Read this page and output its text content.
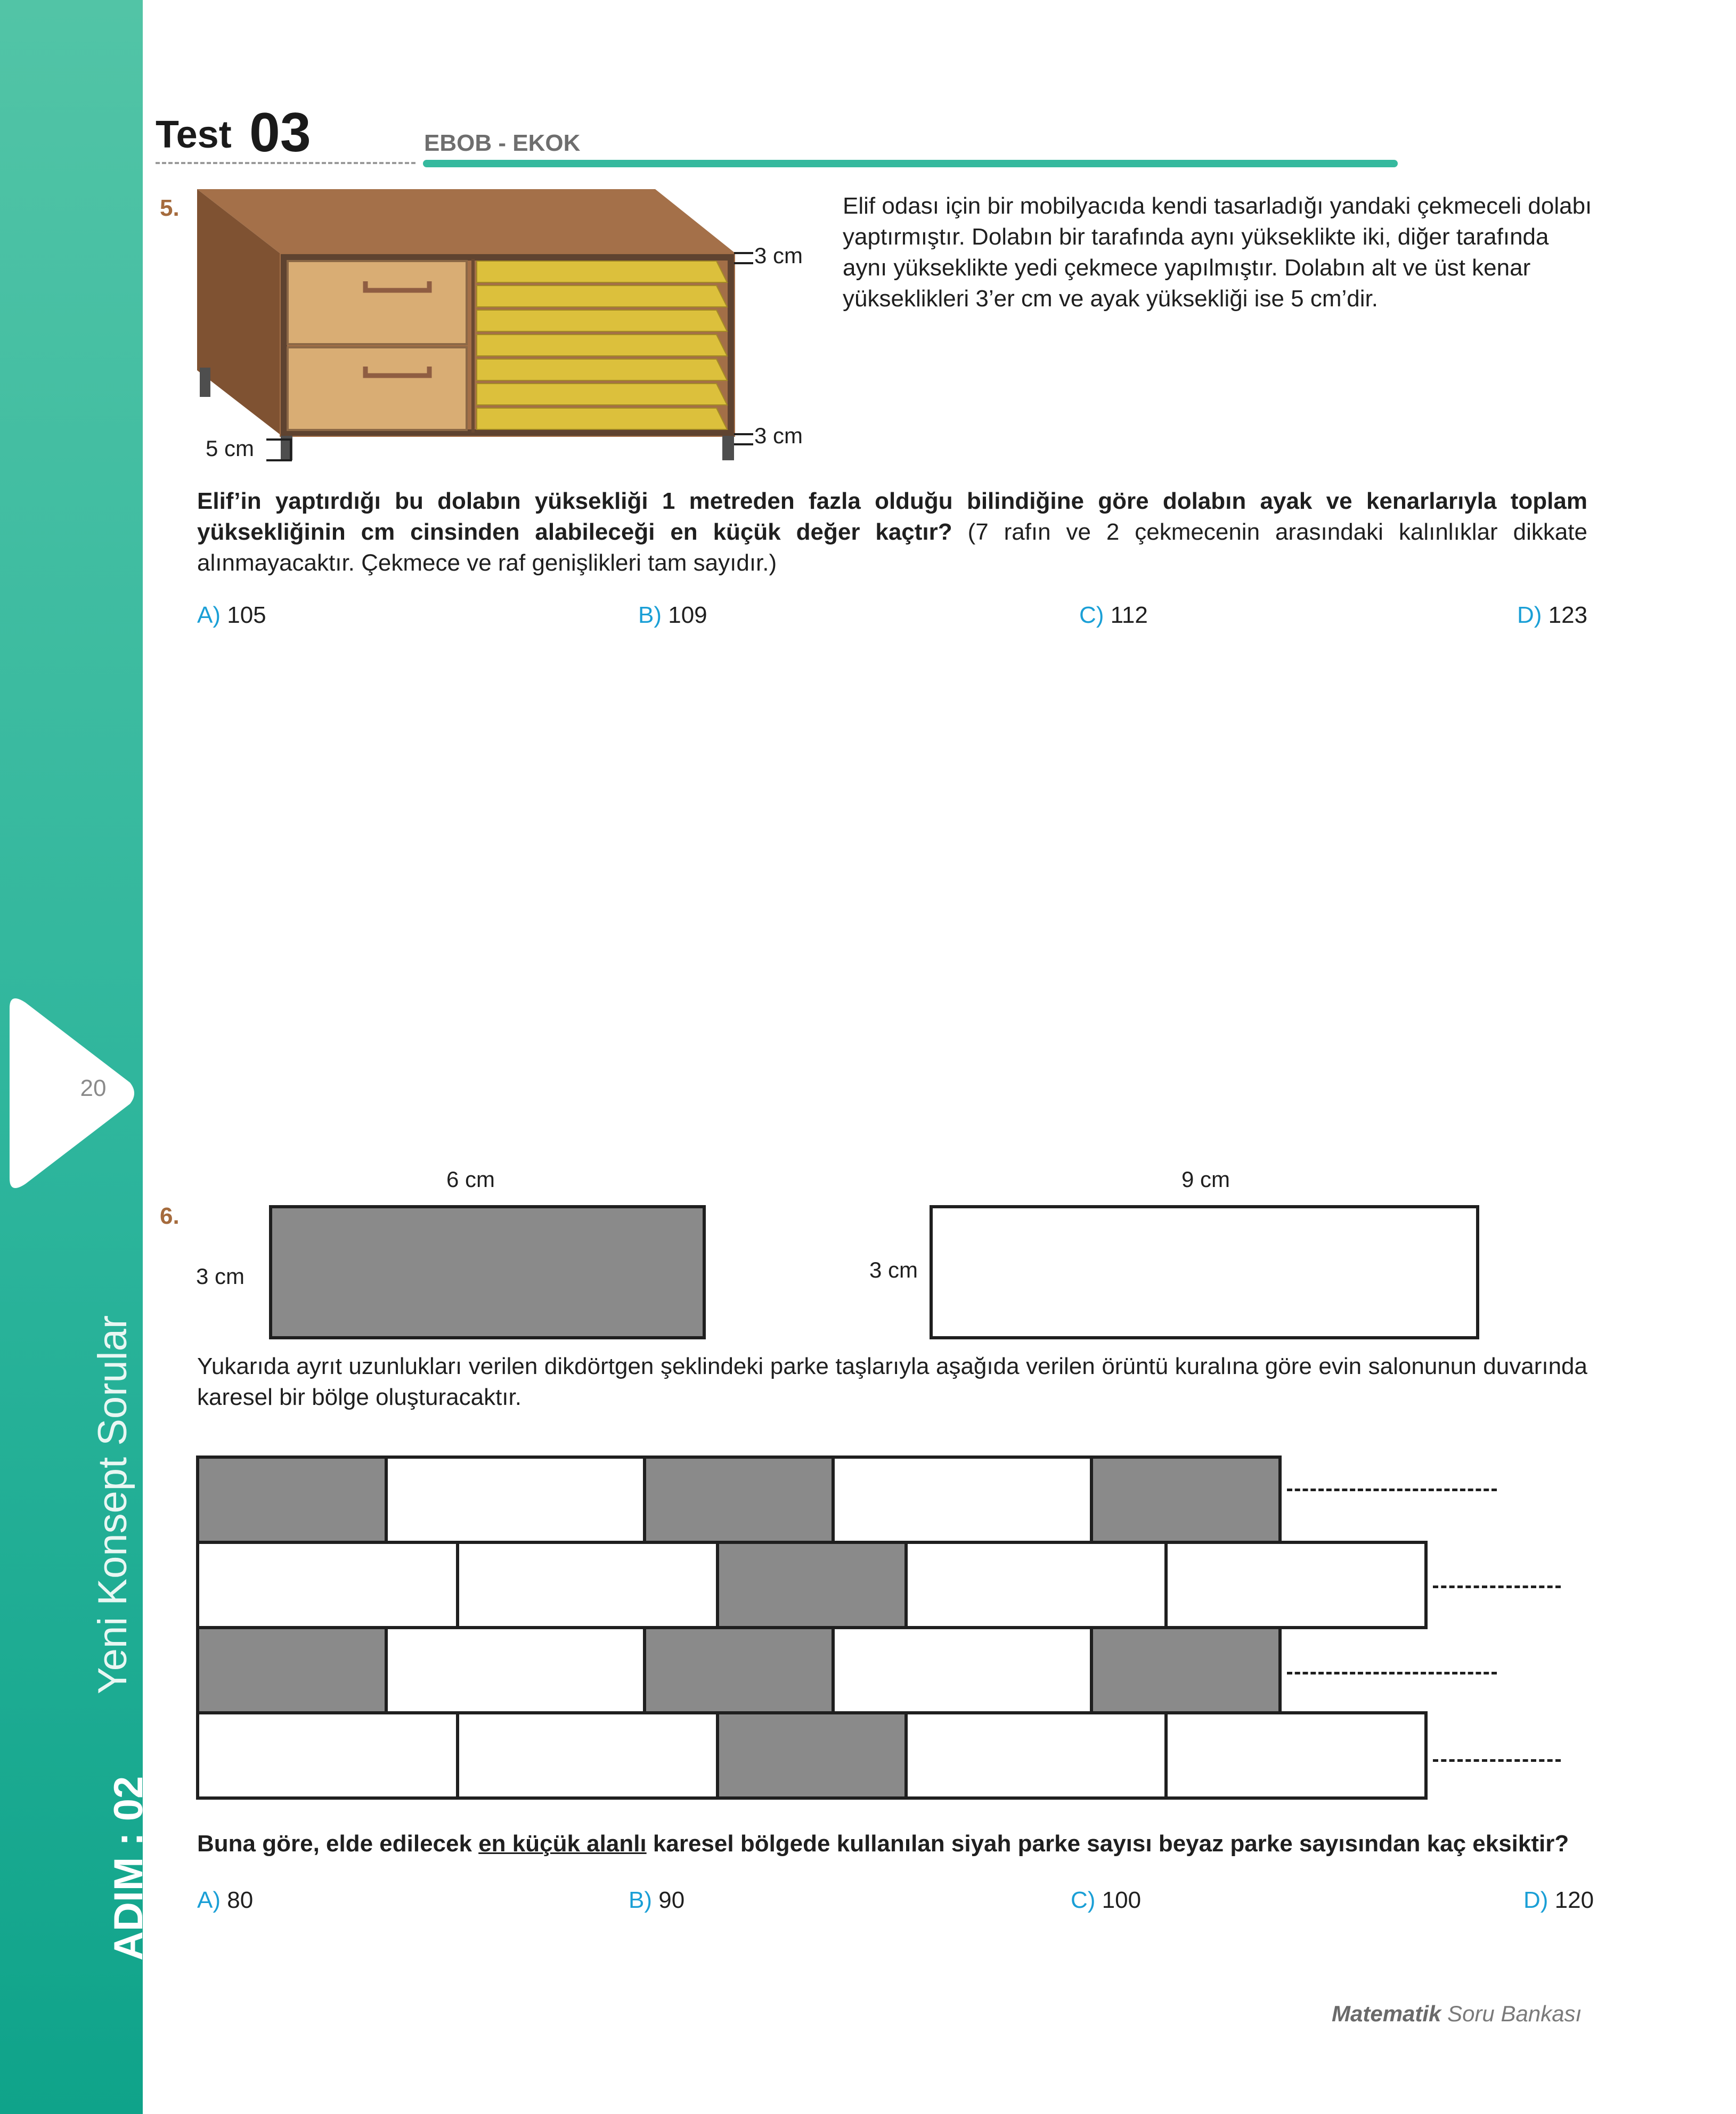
20
Yeni Konsept Sorular
ADIM : 02
Test 03	EBOB - EKOK
5.
3 cm
3 cm
5 cm
Elif odası için bir mobilyacıda kendi tasarladığı yandaki çekmeceli dolabı yaptırmıştır. Dolabın bir tarafında aynı yükseklikte iki, diğer tarafında aynı yükseklikte yedi çekmece yapılmıştır. Dolabın alt ve üst kenar yükseklikleri 3’er cm ve ayak yüksekliği ise 5 cm’dir.
Elif’in yaptırdığı bu dolabın yüksekliği 1 metreden fazla olduğu bilindiğine göre dolabın ayak ve kenarlarıyla toplam yüksekliğinin cm cinsinden alabileceği en küçük değer kaçtır? (7 rafın ve 2 çekmecenin arasındaki kalınlıklar dikkate alınmayacaktır. Çekmece ve raf genişlikleri tam sayıdır.)
A) 105	B) 109	C) 112	D) 123
6.
6 cm
3 cm
9 cm
3 cm
Yukarıda ayrıt uzunlukları verilen dikdörtgen şeklindeki parke taşlarıyla aşağıda verilen örüntü kuralına göre evin salonunun duvarında karesel bir bölge oluşturacaktır.
Buna göre, elde edilecek en küçük alanlı karesel bölgede kullanılan siyah parke sayısı beyaz parke sayısından kaç eksiktir?
A) 80	B) 90	C) 100	D) 120
Matematik Soru Bankası
